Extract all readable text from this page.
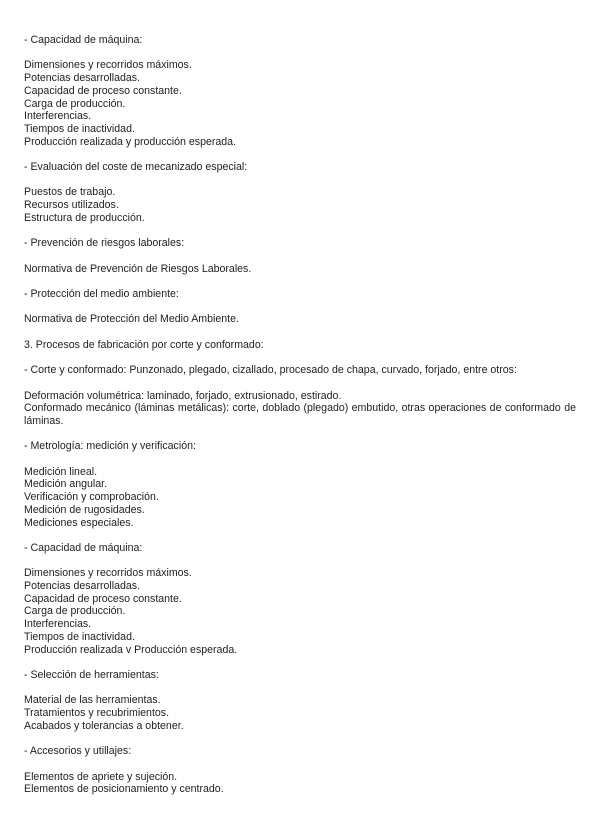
- Capacidad de máquina:
Dimensiones y recorridos máximos.
Potencias desarrolladas.
Capacidad de proceso constante.
Carga de producción.
Interferencias.
Tiempos de inactividad.
Producción realizada y producción esperada.
- Evaluación del coste de mecanizado especial:
Puestos de trabajo.
Recursos utilizados.
Estructura de producción.
- Prevención de riesgos laborales:
Normativa de Prevención de Riesgos Laborales.
- Protección del medio ambiente:
Normativa de Protección del Medio Ambiente.
3. Procesos de fabricación por corte y conformado:
- Corte y conformado: Punzonado, plegado, cizallado, procesado de chapa, curvado, forjado, entre otros:
Deformación volumétrica: laminado, forjado, extrusionado, estirado.
Conformado mecánico (láminas metálicas): corte, doblado (plegado) embutido, otras operaciones de conformado de láminas.
- Metrología: medición y verificación:
Medición lineal.
Medición angular.
Verificación y comprobación.
Medición de rugosidades.
Mediciones especiales.
- Capacidad de máquina:
Dimensiones y recorridos máximos.
Potencias desarrolladas.
Capacidad de proceso constante.
Carga de producción.
Interferencias.
Tiempos de inactividad.
Producción realizada v Producción esperada.
- Selección de herramientas:
Material de las herramientas.
Tratamientos y recubrimientos.
Acabados y tolerancias a obtener.
- Accesorios y utillajes:
Elementos de apriete y sujeción.
Elementos de posicionamiento y centrado.
